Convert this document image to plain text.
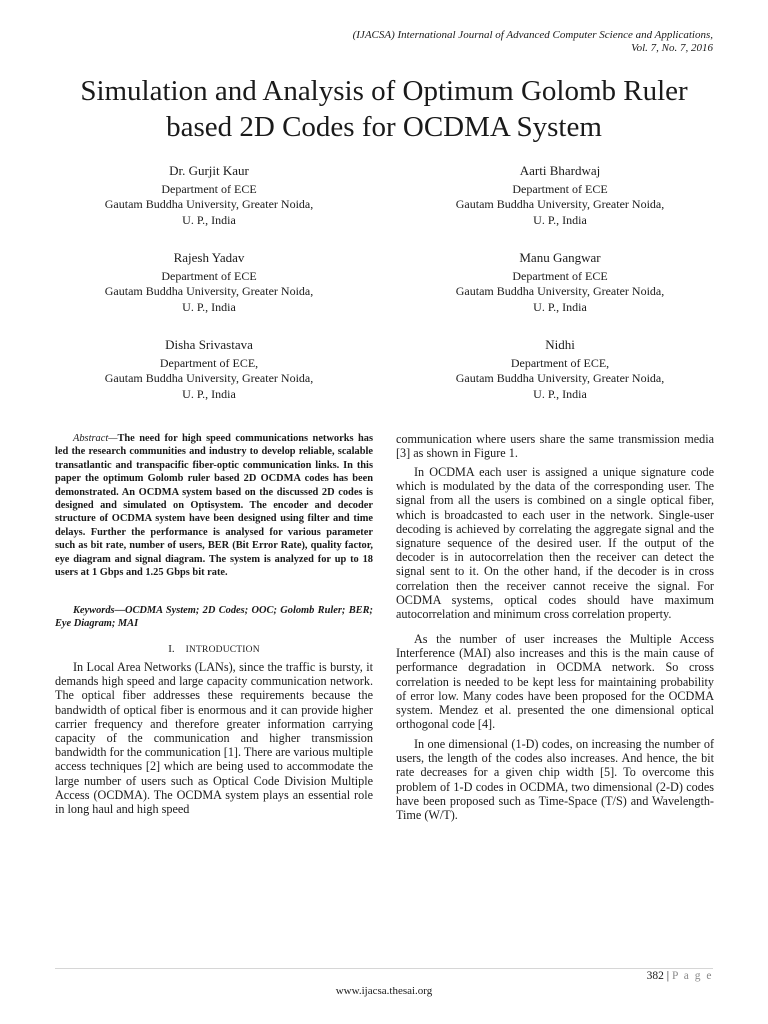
(IJACSA) International Journal of Advanced Computer Science and Applications,
Vol. 7, No. 7, 2016
Simulation and Analysis of Optimum Golomb Ruler
based 2D Codes for OCDMA System
Dr. Gurjit Kaur
Department of ECE
Gautam Buddha University, Greater Noida,
U. P., India
Aarti Bhardwaj
Department of ECE
Gautam Buddha University, Greater Noida,
U. P., India
Rajesh Yadav
Department of ECE
Gautam Buddha University, Greater Noida,
U. P., India
Manu Gangwar
Department of ECE
Gautam Buddha University, Greater Noida,
U. P., India
Disha Srivastava
Department of ECE,
Gautam Buddha University, Greater Noida,
U. P., India
Nidhi
Department of ECE,
Gautam Buddha University, Greater Noida,
U. P., India
Abstract—The need for high speed communications networks has led the research communities and industry to develop reliable, scalable transatlantic and transpacific fiber-optic communication links. In this paper the optimum Golomb ruler based 2D OCDMA codes has been demonstrated. An OCDMA system based on the discussed 2D codes is designed and simulated on Optisystem. The encoder and decoder structure of OCDMA system have been designed using filter and time delays. Further the performance is analysed for various parameter such as bit rate, number of users, BER (Bit Error Rate), quality factor, eye diagram and signal diagram. The system is analyzed for up to 18 users at 1 Gbps and 1.25 Gbps bit rate.
Keywords—OCDMA System; 2D Codes; OOC; Golomb Ruler; BER; Eye Diagram; MAI
I. INTRODUCTION
In Local Area Networks (LANs), since the traffic is bursty, it demands high speed and large capacity communication network. The optical fiber addresses these requirements because the bandwidth of optical fiber is enormous and it can provide higher carrier frequency and therefore greater information carrying capacity of the communication and higher transmission bandwidth for the communication [1]. There are various multiple access techniques [2] which are being used to accommodate the large number of users such as Optical Code Division Multiple Access (OCDMA). The OCDMA system plays an essential role in long haul and high speed
communication where users share the same transmission media [3] as shown in Figure 1.
In OCDMA each user is assigned a unique signature code which is modulated by the data of the corresponding user. The signal from all the users is combined on a single optical fiber, which is broadcasted to each user in the network. Single-user decoding is achieved by correlating the aggregate signal and the signature sequence of the desired user. If the output of the decoder is in autocorrelation then the receiver can detect the signal sent to it. On the other hand, if the decoder is in cross correlation then the receiver cannot receive the signal. For OCDMA systems, optical codes should have maximum autocorrelation and minimum cross correlation property.
As the number of user increases the Multiple Access Interference (MAI) also increases and this is the main cause of performance degradation in OCDMA network. So cross correlation is needed to be kept less for maintaining probability of error low. Many codes have been proposed for the OCDMA system. Mendez et al. presented the one dimensional optical orthogonal code [4].
In one dimensional (1-D) codes, on increasing the number of users, the length of the codes also increases. And hence, the bit rate decreases for a given chip width [5]. To overcome this problem of 1-D codes in OCDMA, two dimensional (2-D) codes have been proposed such as Time-Space (T/S) and Wavelength-Time (W/T).
382 | P a g e
www.ijacsa.thesai.org
